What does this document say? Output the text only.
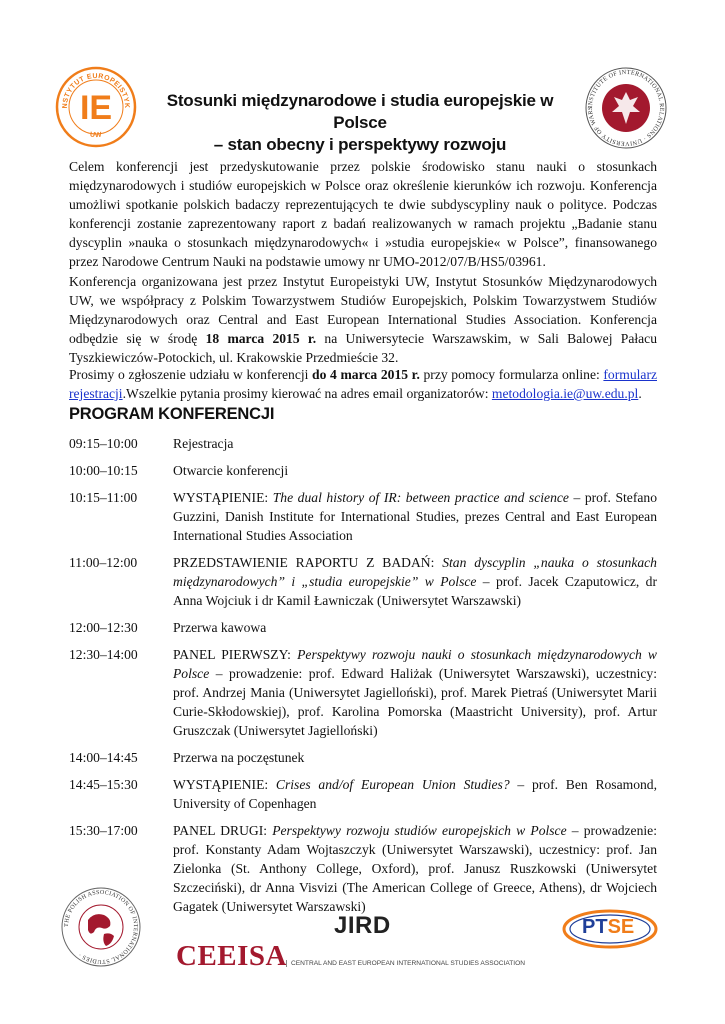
NSTYTUT EUROPEISTYK
UW
IE	Stosunki międzynarodowe i studia europejskie w Polsce
– stan obecny i perspektywy rozwoju
INSTITUTE OF INTERNATIONAL RELATIONS · UNIVERSITY OF WARS
Celem konferencji jest przedyskutowanie przez polskie środowisko stanu nauki o stosunkach międzynarodowych i studiów europejskich w Polsce oraz określenie kierunków ich rozwoju. Konferencja umożliwi spotkanie polskich badaczy reprezentujących te dwie subdyscypliny nauk o polityce. Podczas konferencji zostanie zaprezentowany raport z badań realizowanych w ramach projektu „Badanie stanu dyscyplin »nauka o stosunkach międzynarodowych« i »studia europejskie« w Polsce”, finansowanego przez Narodowe Centrum Nauki na podstawie umowy nr UMO-2012/07/B/HS5/03961.
Konferencja organizowana jest przez Instytut Europeistyki UW, Instytut Stosunków Międzynarodowych UW, we współpracy z Polskim Towarzystwem Studiów Europejskich, Polskim Towarzystwem Studiów Międzynarodowych oraz Central and East European International Studies Association. Konferencja odbędzie się w środę 18 marca 2015 r. na Uniwersytecie Warszawskim, w Sali Balowej Pałacu Tyszkiewiczów-Potockich, ul. Krakowskie Przedmieście 32.
Prosimy o zgłoszenie udziału w konferencji do 4 marca 2015 r. przy pomocy formularza online: formularz rejestracji.Wszelkie pytania prosimy kierować na adres email organizatorów: metodologia.ie@uw.edu.pl.
PROGRAM KONFERENCJI
09:15–10:00	Rejestracja
10:00–10:15	Otwarcie konferencji
10:15–11:00	WYSTĄPIENIE: The dual history of IR: between practice and science – prof. Stefano Guzzini, Danish Institute for International Studies, prezes Central and East European International Studies Association
11:00–12:00	PRZEDSTAWIENIE RAPORTU Z BADAŃ: Stan dyscyplin „nauka o stosunkach międzynarodowych” i „studia europejskie” w Polsce – prof. Jacek Czaputowicz, dr Anna Wojciuk i dr Kamil Ławniczak (Uniwersytet Warszawski)
12:00–12:30	Przerwa kawowa
12:30–14:00	PANEL PIERWSZY: Perspektywy rozwoju nauki o stosunkach międzynarodowych w Polsce – prowadzenie: prof. Edward Haliżak (Uniwersytet Warszawski), uczestnicy: prof. Andrzej Mania (Uniwersytet Jagielloński), prof. Marek Pietraś (Uniwersytet Marii Curie-Skłodowskiej), prof. Karolina Pomorska (Maastricht University), prof. Artur Gruszczak (Uniwersytet Jagielloński)
14:00–14:45	Przerwa na poczęstunek
14:45–15:30	WYSTĄPIENIE: Crises and/of European Union Studies? – prof. Ben Rosamond, University of Copenhagen
15:30–17:00	PANEL DRUGI: Perspektywy rozwoju studiów europejskich w Polsce – prowadzenie: prof. Konstanty Adam Wojtaszczyk (Uniwersytet Warszawski), uczestnicy: prof. Jan Zielonka (St. Anthony College, Oxford), prof. Janusz Ruszkowski (Uniwersytet Szczeciński), dr Anna Visvizi (The American College of Greece, Athens), dr Wojciech Gagatek (Uniwersytet Warszawski)
THE POLISH ASSOCIATION OF INTERNATIONAL STUDIES ·
JIRD
CEEISA CENTRAL AND EAST EUROPEAN INTERNATIONAL STUDIES ASSOCIATION
PTSE
